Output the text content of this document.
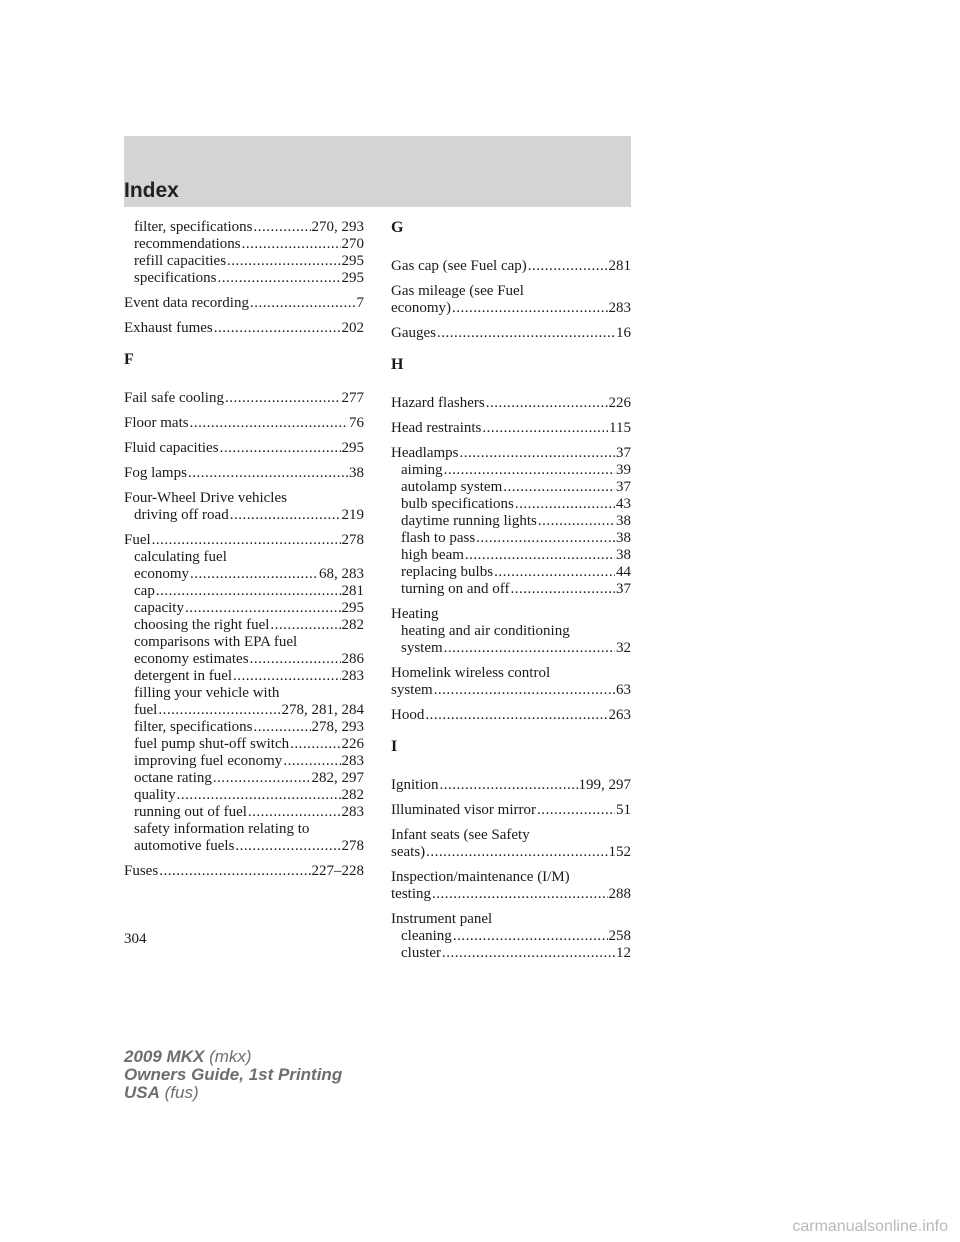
Index
filter, specifications .....	270, 293
recommendations .....	270
refill capacities .....	295
specifications .....	295
Event data recording .....	7
Exhaust fumes .....	202
F
Fail safe cooling .....	277
Floor mats .....	76
Fluid capacities .....	295
Fog lamps .....	38
Four-Wheel Drive vehicles
driving off road .....	219
Fuel .....	278
calculating fuel
economy .....	68, 283
cap .....	281
capacity .....	295
choosing the right fuel .....	282
comparisons with EPA fuel
economy estimates .....	286
detergent in fuel .....	283
filling your vehicle with
fuel .....	278, 281, 284
filter, specifications .....	278, 293
fuel pump shut-off switch .....	226
improving fuel economy .....	283
octane rating .....	282, 297
quality .....	282
running out of fuel .....	283
safety information relating to
automotive fuels .....	278
Fuses .....	227–228
G
Gas cap (see Fuel cap) .....	281
Gas mileage (see Fuel
economy) .....	283
Gauges .....	16
H
Hazard flashers .....	226
Head restraints .....	115
Headlamps .....	37
aiming .....	39
autolamp system .....	37
bulb specifications .....	43
daytime running lights .....	38
flash to pass .....	38
high beam .....	38
replacing bulbs .....	44
turning on and off .....	37
Heating
heating and air conditioning
system .....	32
Homelink wireless control
system .....	63
Hood .....	263
I
Ignition .....	199, 297
Illuminated visor mirror .....	51
Infant seats (see Safety
seats) .....	152
Inspection/maintenance (I/M)
testing .....	288
Instrument panel
cleaning .....	258
cluster .....	12
304
2009 MKX (mkx)
Owners Guide, 1st Printing
USA (fus)
carmanualsonline.info
